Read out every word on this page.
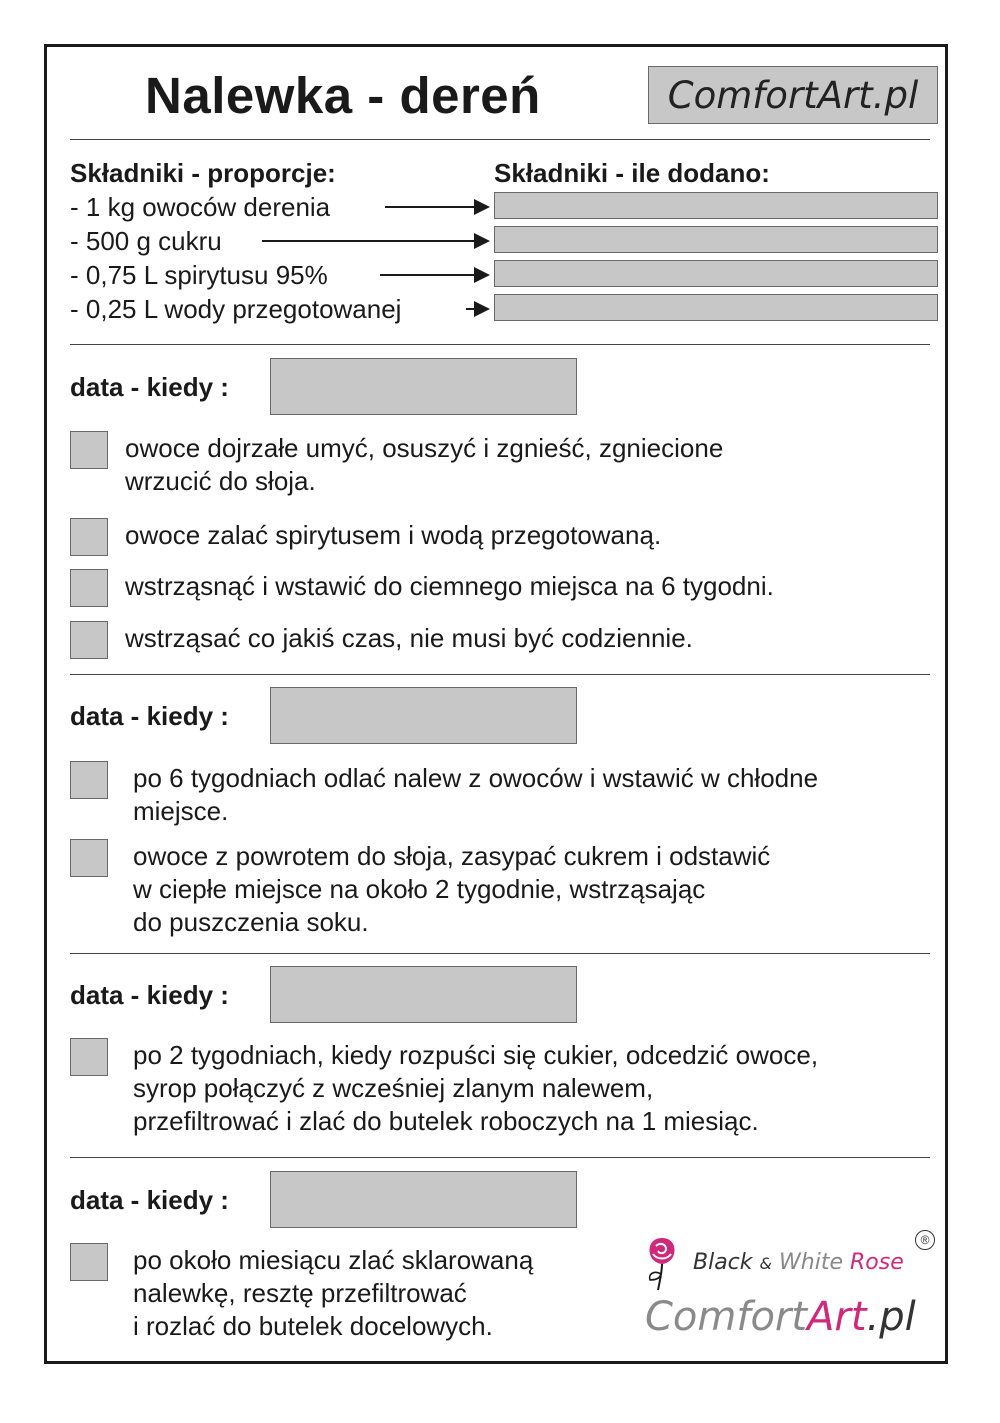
Nalewka - dereń	ComfortArt.pl
Składniki - proporcje:	Składniki - ile dodano:
- 1 kg owoców derenia
- 500 g cukru
- 0,75 L spirytusu 95%
- 0,25 L wody przegotowanej
data - kiedy :
owoce dojrzałe umyć, osuszyć i zgnieść, zgniecione
wrzucić do słoja.
owoce zalać spirytusem i wodą przegotowaną.
wstrząsnąć i wstawić do ciemnego miejsca na 6 tygodni.
wstrząsać co jakiś czas, nie musi być codziennie.
data - kiedy :
po 6 tygodniach odlać nalew z owoców i wstawić w chłodne
miejsce.
owoce z powrotem do słoja, zasypać cukrem i odstawić
w ciepłe miejsce na około 2 tygodnie, wstrząsając
do puszczenia soku.
data - kiedy :
po 2 tygodniach, kiedy rozpuści się cukier, odcedzić owoce,
syrop połączyć z wcześniej zlanym nalewem,
przefiltrować i zlać do butelek roboczych na 1 miesiąc.
data - kiedy :
po około miesiącu zlać sklarowaną
nalewkę, resztę przefiltrować
i rozlać do butelek docelowych.
Black & White Rose
®
ComfortArt.pl
